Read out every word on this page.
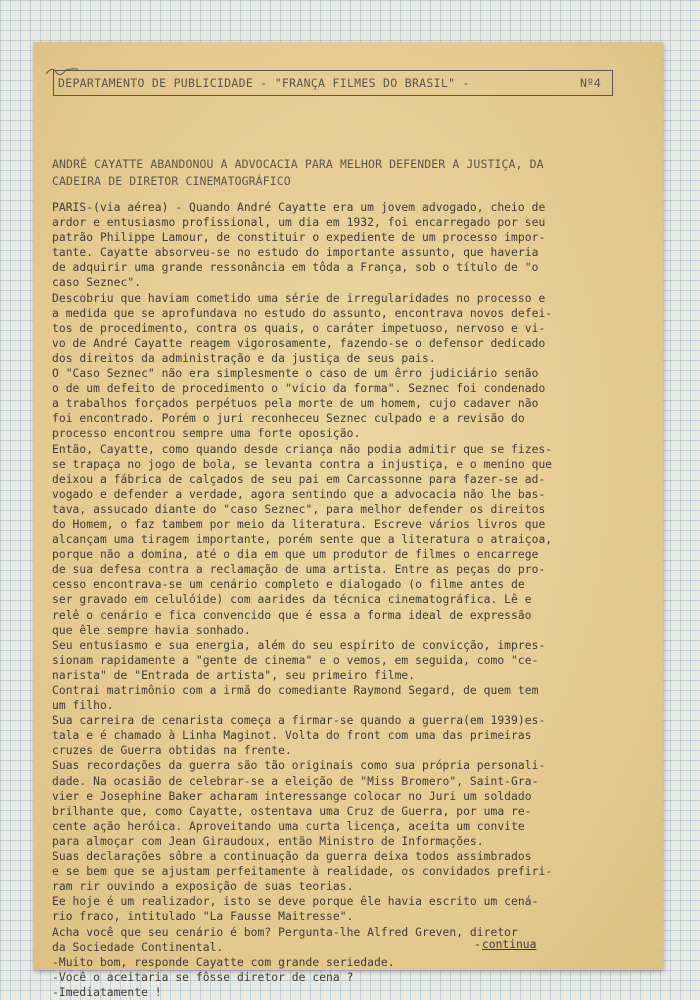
DEPARTAMENTO DE PUBLICIDADE - "FRANÇA FILMES DO BRASIL" -	Nº4
ANDRÉ CAYATTE ABANDONOU A ADVOCACIA PARA MELHOR DEFENDER A JUSTIÇA, DA
CADEIRA DE DIRETOR CINEMATOGRÁFICO
PARIS-(via aérea) - Quando André Cayatte era um jovem advogado, cheio de
ardor e entusiasmo profissional, um dia em 1932, foi encarregado por seu
patrão Philippe Lamour, de constituir o expediente de um processo impor-
tante. Cayatte absorveu-se no estudo do importante assunto, que haveria
de adquirir uma grande ressonância em tôda a França, sob o título de "o
caso Seznec".
Descobriu que haviam cometido uma série de irregularidades no processo e
a medida que se aprofundava no estudo do assunto, encontrava novos defei-
tos de procedimento, contra os quais, o caráter impetuoso, nervoso e vi-
vo de André Cayatte reagem vigorosamente, fazendo-se o defensor dedicado
dos direitos da administração e da justiça de seus pais.
O "Caso Seznec" não era simplesmente o caso de um êrro judiciário senão
o de um defeito de procedimento o "vício da forma". Seznec foi condenado
a trabalhos forçados perpétuos pela morte de um homem, cujo cadaver não
foi encontrado. Porém o juri reconheceu Seznec culpado e a revisão do
processo encontrou sempre uma forte oposição.
Então, Cayatte, como quando desde criança não podia admitir que se fizes-
se trapaça no jogo de bola, se levanta contra a injustiça, e o menino que
deixou a fábrica de calçados de seu pai em Carcassonne para fazer-se ad-
vogado e defender a verdade, agora sentindo que a advocacia não lhe bas-
tava, assucado diante do "caso Seznec", para melhor defender os direitos
do Homem, o faz tambem por meio da literatura. Escreve vários livros que
alcançam uma tiragem importante, porém sente que a literatura o atraiçoa,
porque não a domina, até o dia em que um produtor de filmes o encarrege
de sua defesa contra a reclamação de uma artista. Entre as peças do pro-
cesso encontrava-se um cenário completo e dialogado (o filme antes de
ser gravado em celulóide) com aarides da técnica cinematográfica. Lê e
relê o cenário e fica convencido que é essa a forma ideal de expressão
que êle sempre havia sonhado.
Seu entusiasmo e sua energia, além do seu espírito de convicção, impres-
sionam rapidamente a "gente de cinema" e o vemos, em seguida, como "ce-
narista" de "Entrada de artista", seu primeiro filme.
Contrai matrimônio com a irmã do comediante Raymond Segard, de quem tem
um filho.
Sua carreira de cenarista começa a firmar-se quando a guerra(em 1939)es-
tala e é chamado à Linha Maginot. Volta do front com uma das primeiras
cruzes de Guerra obtidas na frente.
Suas recordações da guerra são tão originais como sua própria personali-
dade. Na ocasião de celebrar-se a eleição de "Miss Bromero", Saint-Gra-
vier e Josephine Baker acharam interessange colocar no Juri um soldado
brilhante que, como Cayatte, ostentava uma Cruz de Guerra, por uma re-
cente ação heróica. Aproveitando uma curta licença, aceita um convite
para almoçar com Jean Giraudoux, então Ministro de Informações.
Suas declarações sôbre a continuação da guerra deixa todos assimbrados
e se bem que se ajustam perfeitamente à realidade, os convidados prefiri-
ram rir ouvindo a exposição de suas teorias.
Ee hoje é um realizador, isto se deve porque êle havia escrito um cená-
rio fraco, intitulado "La Fausse Maitresse".
Acha você que seu cenário é bom? Pergunta-lhe Alfred Greven, diretor
da Sociedade Continental.
-Muito bom, responde Cayatte com grande seriedade.
-Você o aceitaria se fôsse diretor de cena ?
-Imediatamente !
continua
-
